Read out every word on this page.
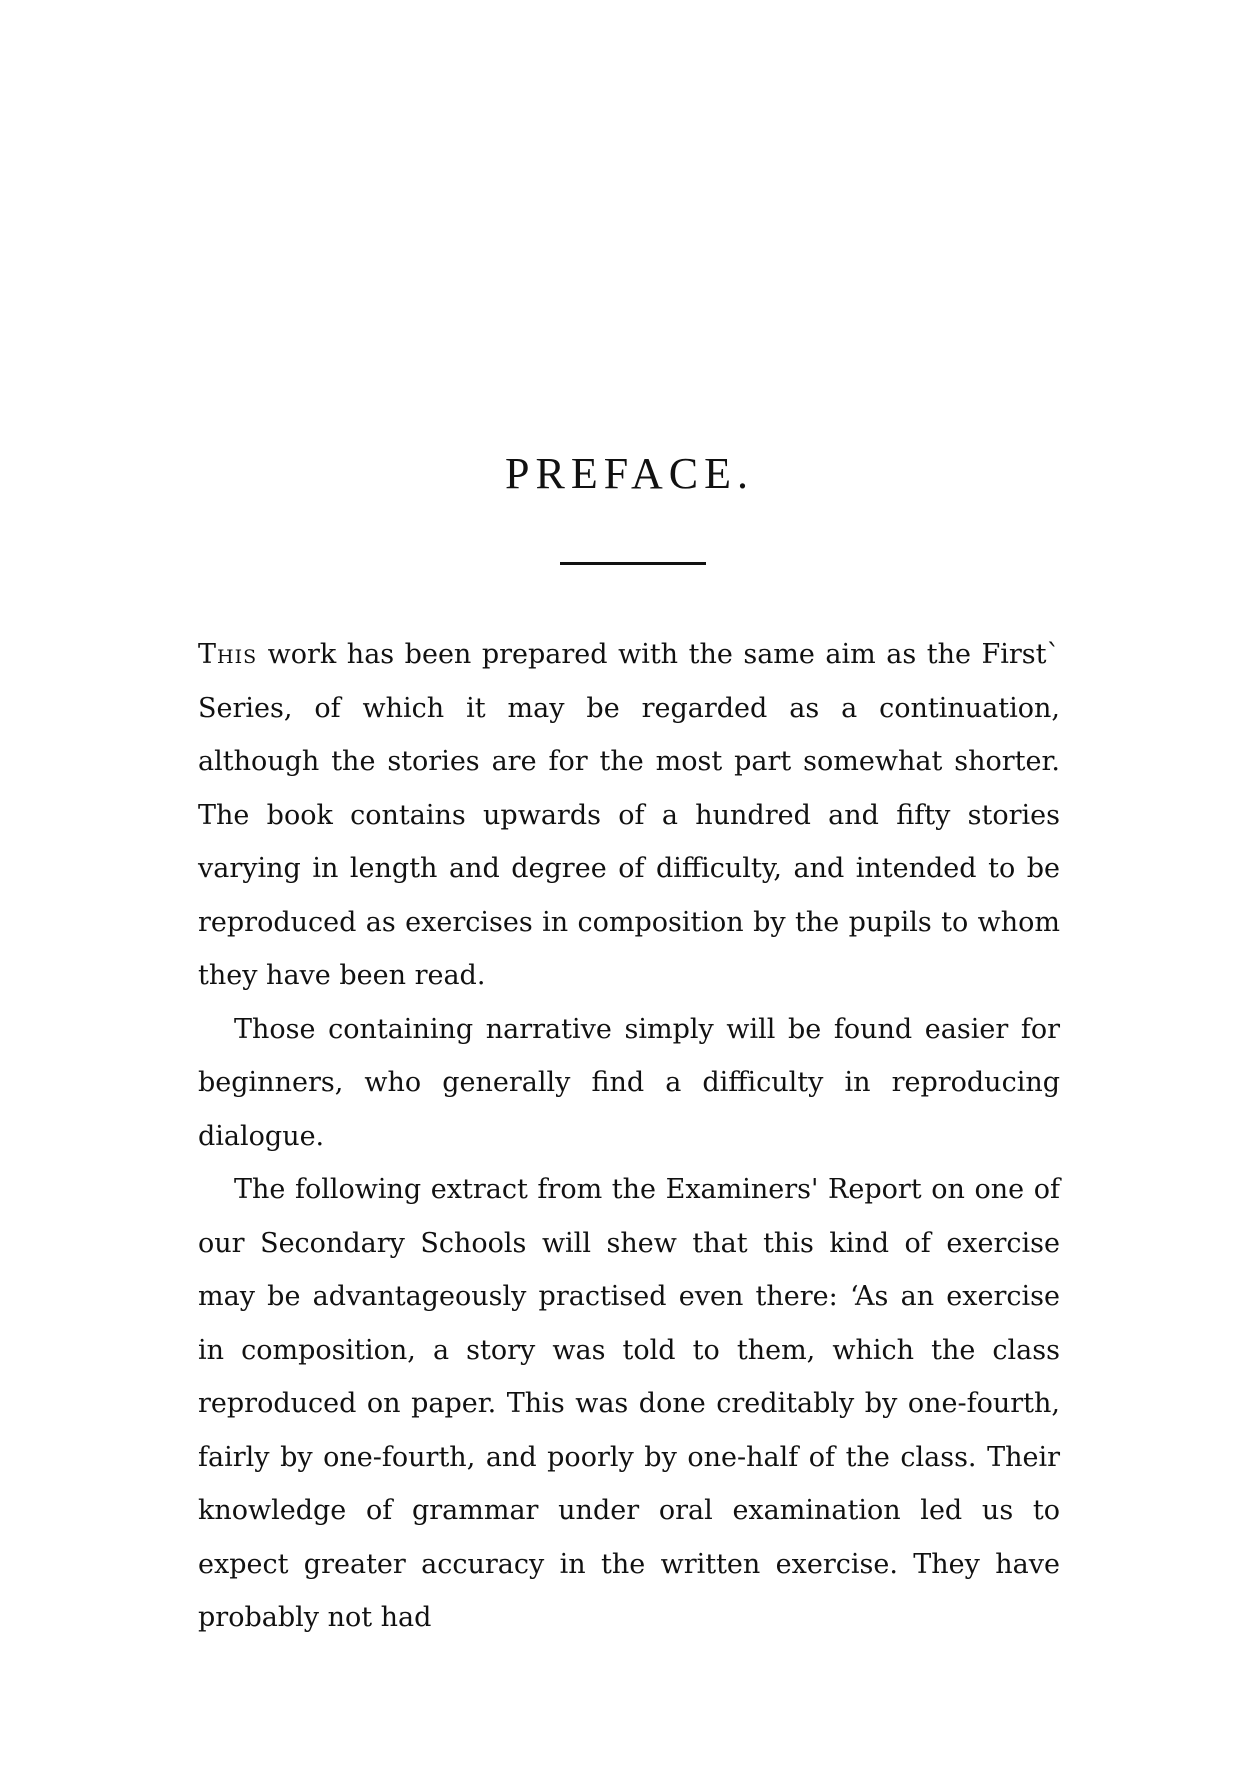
PREFACE.

This work has been prepared with the same aim as the First` Series, of which it may be regarded as a continuation, although the stories are for the most part somewhat shorter. The book contains upwards of a hundred and fifty stories varying in length and degree of difficulty, and intended to be reproduced as exercises in composition by the pupils to whom they have been read.

Those containing narrative simply will be found easier for beginners, who generally find a difficulty in reproducing dialogue.

The following extract from the Examiners' Report on one of our Secondary Schools will shew that this kind of exercise may be advantageously practised even there: ‘As an exercise in composition, a story was told to them, which the class reproduced on paper. This was done creditably by one-fourth, fairly by one-fourth, and poorly by one-half of the class. Their knowledge of grammar under oral examination led us to expect greater accuracy in the written exercise. They have probably not had
